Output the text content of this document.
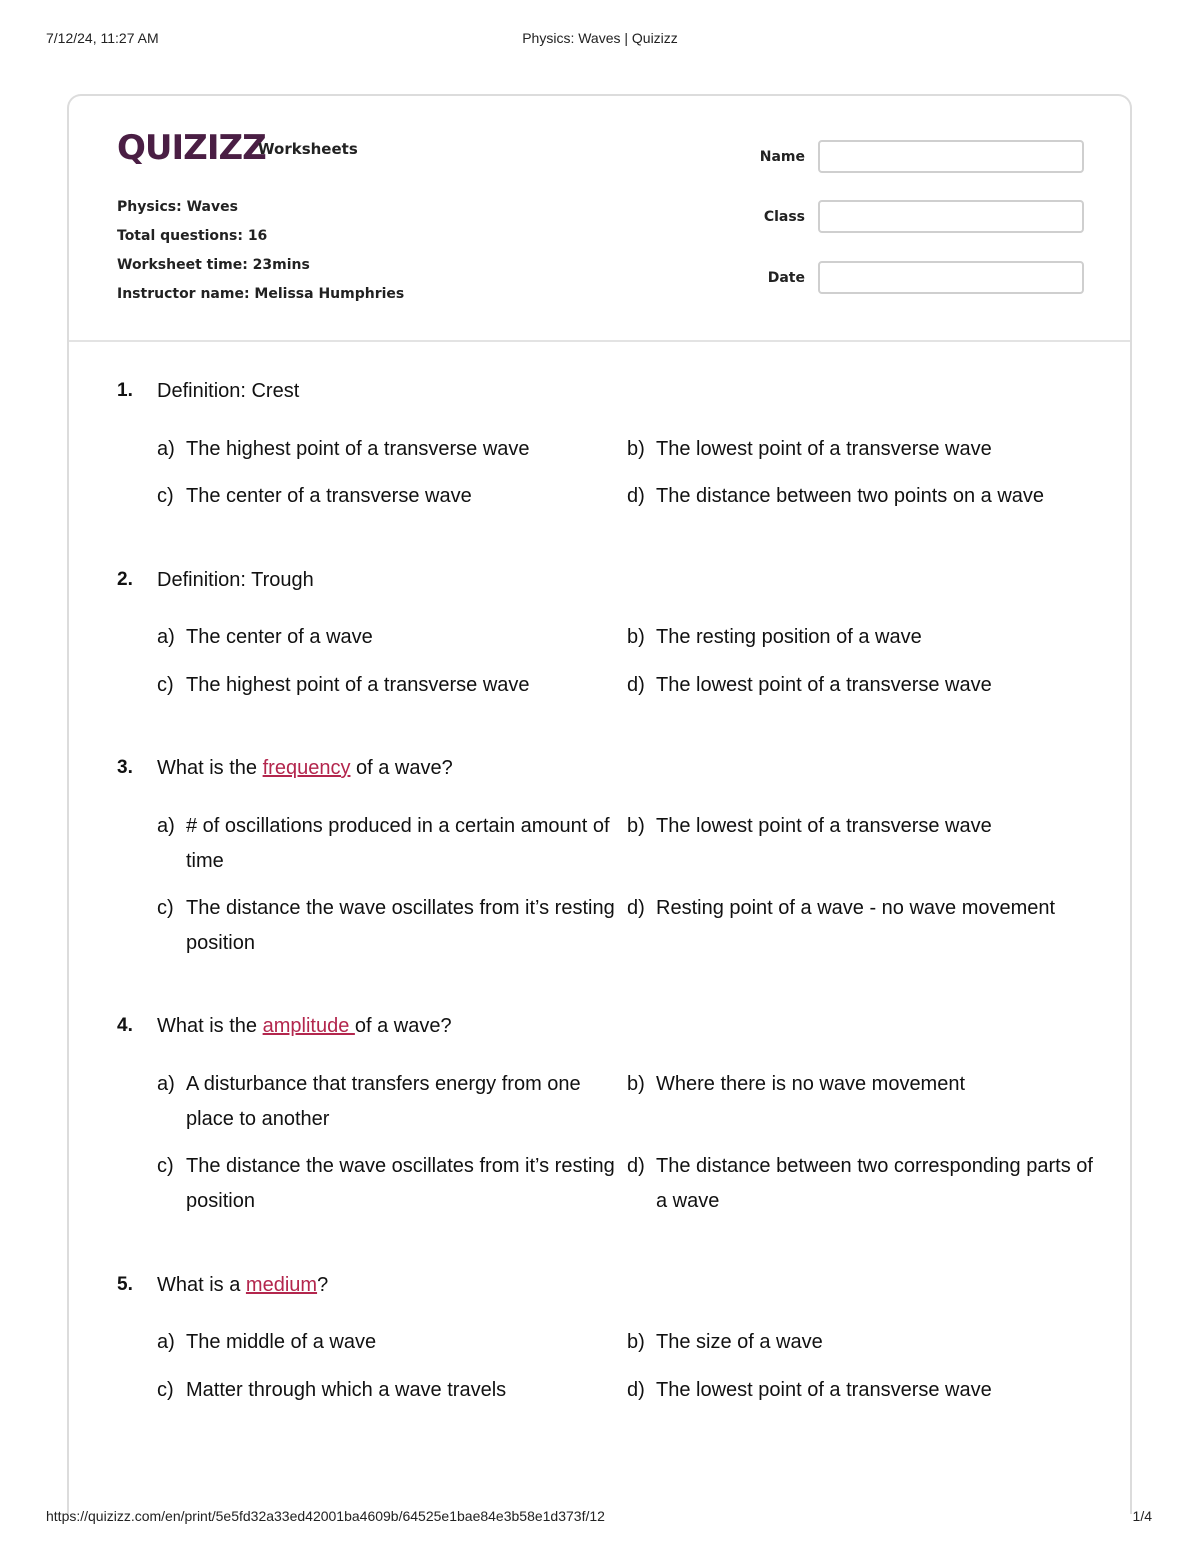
7/12/24, 11:27 AM	Physics: Waves | Quizizz
QUIZIZZ
Worksheets
Physics: Waves
Total questions: 16
Worksheet time: 23mins
Instructor name: Melissa Humphries
Name
Class
Date
1. Definition: Crest
a) The highest point of a transverse wave	b) The lowest point of a transverse wave
c) The center of a transverse wave	d) The distance between two points on a wave
2. Definition: Trough
a) The center of a wave	b) The resting position of a wave
c) The highest point of a transverse wave	d) The lowest point of a transverse wave
3. What is the frequency of a wave?
a) # of oscillations produced in a certain amount of time
b) The lowest point of a transverse wave
c) The distance the wave oscillates from it’s resting position
d) Resting point of a wave - no wave movement
4. What is the amplitude of a wave?
a) A disturbance that transfers energy from one place to another
b) Where there is no wave movement
c) The distance the wave oscillates from it’s resting position
d) The distance between two corresponding parts of a wave
5. What is a medium?
a) The middle of a wave	b) The size of a wave
c) Matter through which a wave travels	d) The lowest point of a transverse wave
https://quizizz.com/en/print/5e5fd32a33ed42001ba4609b/64525e1bae84e3b58e1d373f/12	1/4
